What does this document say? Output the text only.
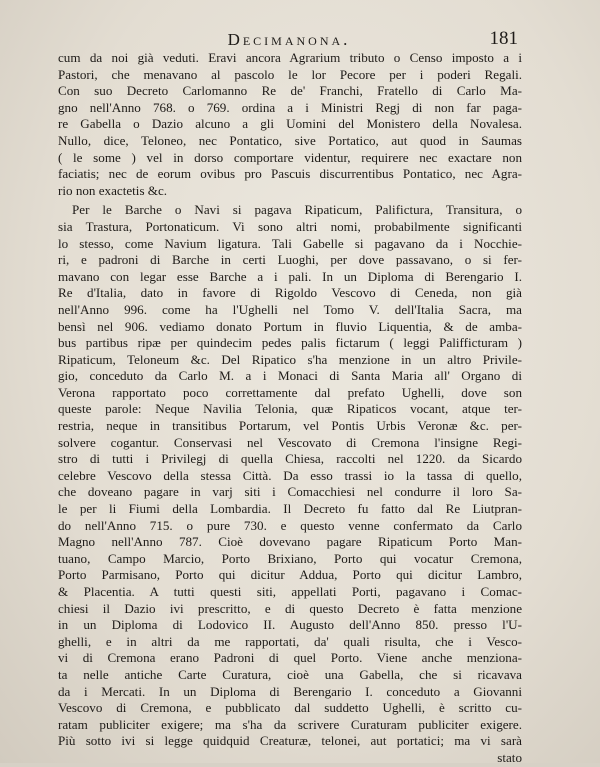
Decimanona.	181
cum da noi già veduti. Eravi ancora Agrarium tributo o Censo imposto a i
Pastori, che menavano al pascolo le lor Pecore per i poderi Regali.
Con suo Decreto Carlomanno Re de' Franchi, Fratello di Carlo Ma-
gno nell'Anno 768. o 769. ordina a i Ministri Regj di non far paga-
re Gabella o Dazio alcuno a gli Uomini del Monistero della Novalesa.
Nullo, dice, Teloneo, nec Pontatico, sive Portatico, aut quod in Saumas
( le some ) vel in dorso comportare videntur, requirere nec exactare non
faciatis; nec de eorum ovibus pro Pascuis discurrentibus Pontatico, nec Agra-
rio non exactetis &c.
Per le Barche o Navi si pagava Ripaticum, Palifictura, Transitura, o
sia Trastura, Portonaticum. Vi sono altri nomi, probabilmente significanti
lo stesso, come Navium ligatura. Tali Gabelle si pagavano da i Nocchie-
ri, e padroni di Barche in certi Luoghi, per dove passavano, o si fer-
mavano con legar esse Barche a i pali. In un Diploma di Berengario I.
Re d'Italia, dato in favore di Rigoldo Vescovo di Ceneda, non già
nell'Anno 996. come ha l'Ughelli nel Tomo V. dell'Italia Sacra, ma
bensì nel 906. vediamo donato Portum in fluvio Liquentia, & de amba-
bus partibus ripæ per quindecim pedes palis fictarum ( leggi Palifficturam )
Ripaticum, Teloneum &c. Del Ripatico s'ha menzione in un altro Privile-
gio, conceduto da Carlo M. a i Monaci di Santa Maria all' Organo di
Verona rapportato poco correttamente dal prefato Ughelli, dove son
queste parole: Neque Navilia Telonia, quæ Ripaticos vocant, atque ter-
restria, neque in transitibus Portarum, vel Pontis Urbis Veronæ &c. per-
solvere cogantur. Conservasi nel Vescovato di Cremona l'insigne Regi-
stro di tutti i Privilegj di quella Chiesa, raccolti nel 1220. da Sicardo
celebre Vescovo della stessa Città. Da esso trassi io la tassa di quello,
che doveano pagare in varj siti i Comacchiesi nel condurre il loro Sa-
le per li Fiumi della Lombardia. Il Decreto fu fatto dal Re Liutpran-
do nell'Anno 715. o pure 730. e questo venne confermato da Carlo
Magno nell'Anno 787. Cioè dovevano pagare Ripaticum Porto Man-
tuano, Campo Marcio, Porto Brixiano, Porto qui vocatur Cremona,
Porto Parmisano, Porto qui dicitur Addua, Porto qui dicitur Lambro,
& Placentia. A tutti questi siti, appellati Porti, pagavano i Comac-
chiesi il Dazio ivi prescritto, e di questo Decreto è fatta menzione
in un Diploma di Lodovico II. Augusto dell'Anno 850. presso l'U-
ghelli, e in altri da me rapportati, da' quali risulta, che i Vesco-
vi di Cremona erano Padroni di quel Porto. Viene anche menziona-
ta nelle antiche Carte Curatura, cioè una Gabella, che si ricavava
da i Mercati. In un Diploma di Berengario I. conceduto a Giovanni
Vescovo di Cremona, e pubblicato dal suddetto Ughelli, è scritto cu-
ratam publiciter exigere; ma s'ha da scrivere Curaturam publiciter exigere.
Più sotto ivi si legge quidquid Creaturæ, telonei, aut portatici; ma vi sarà
stato
